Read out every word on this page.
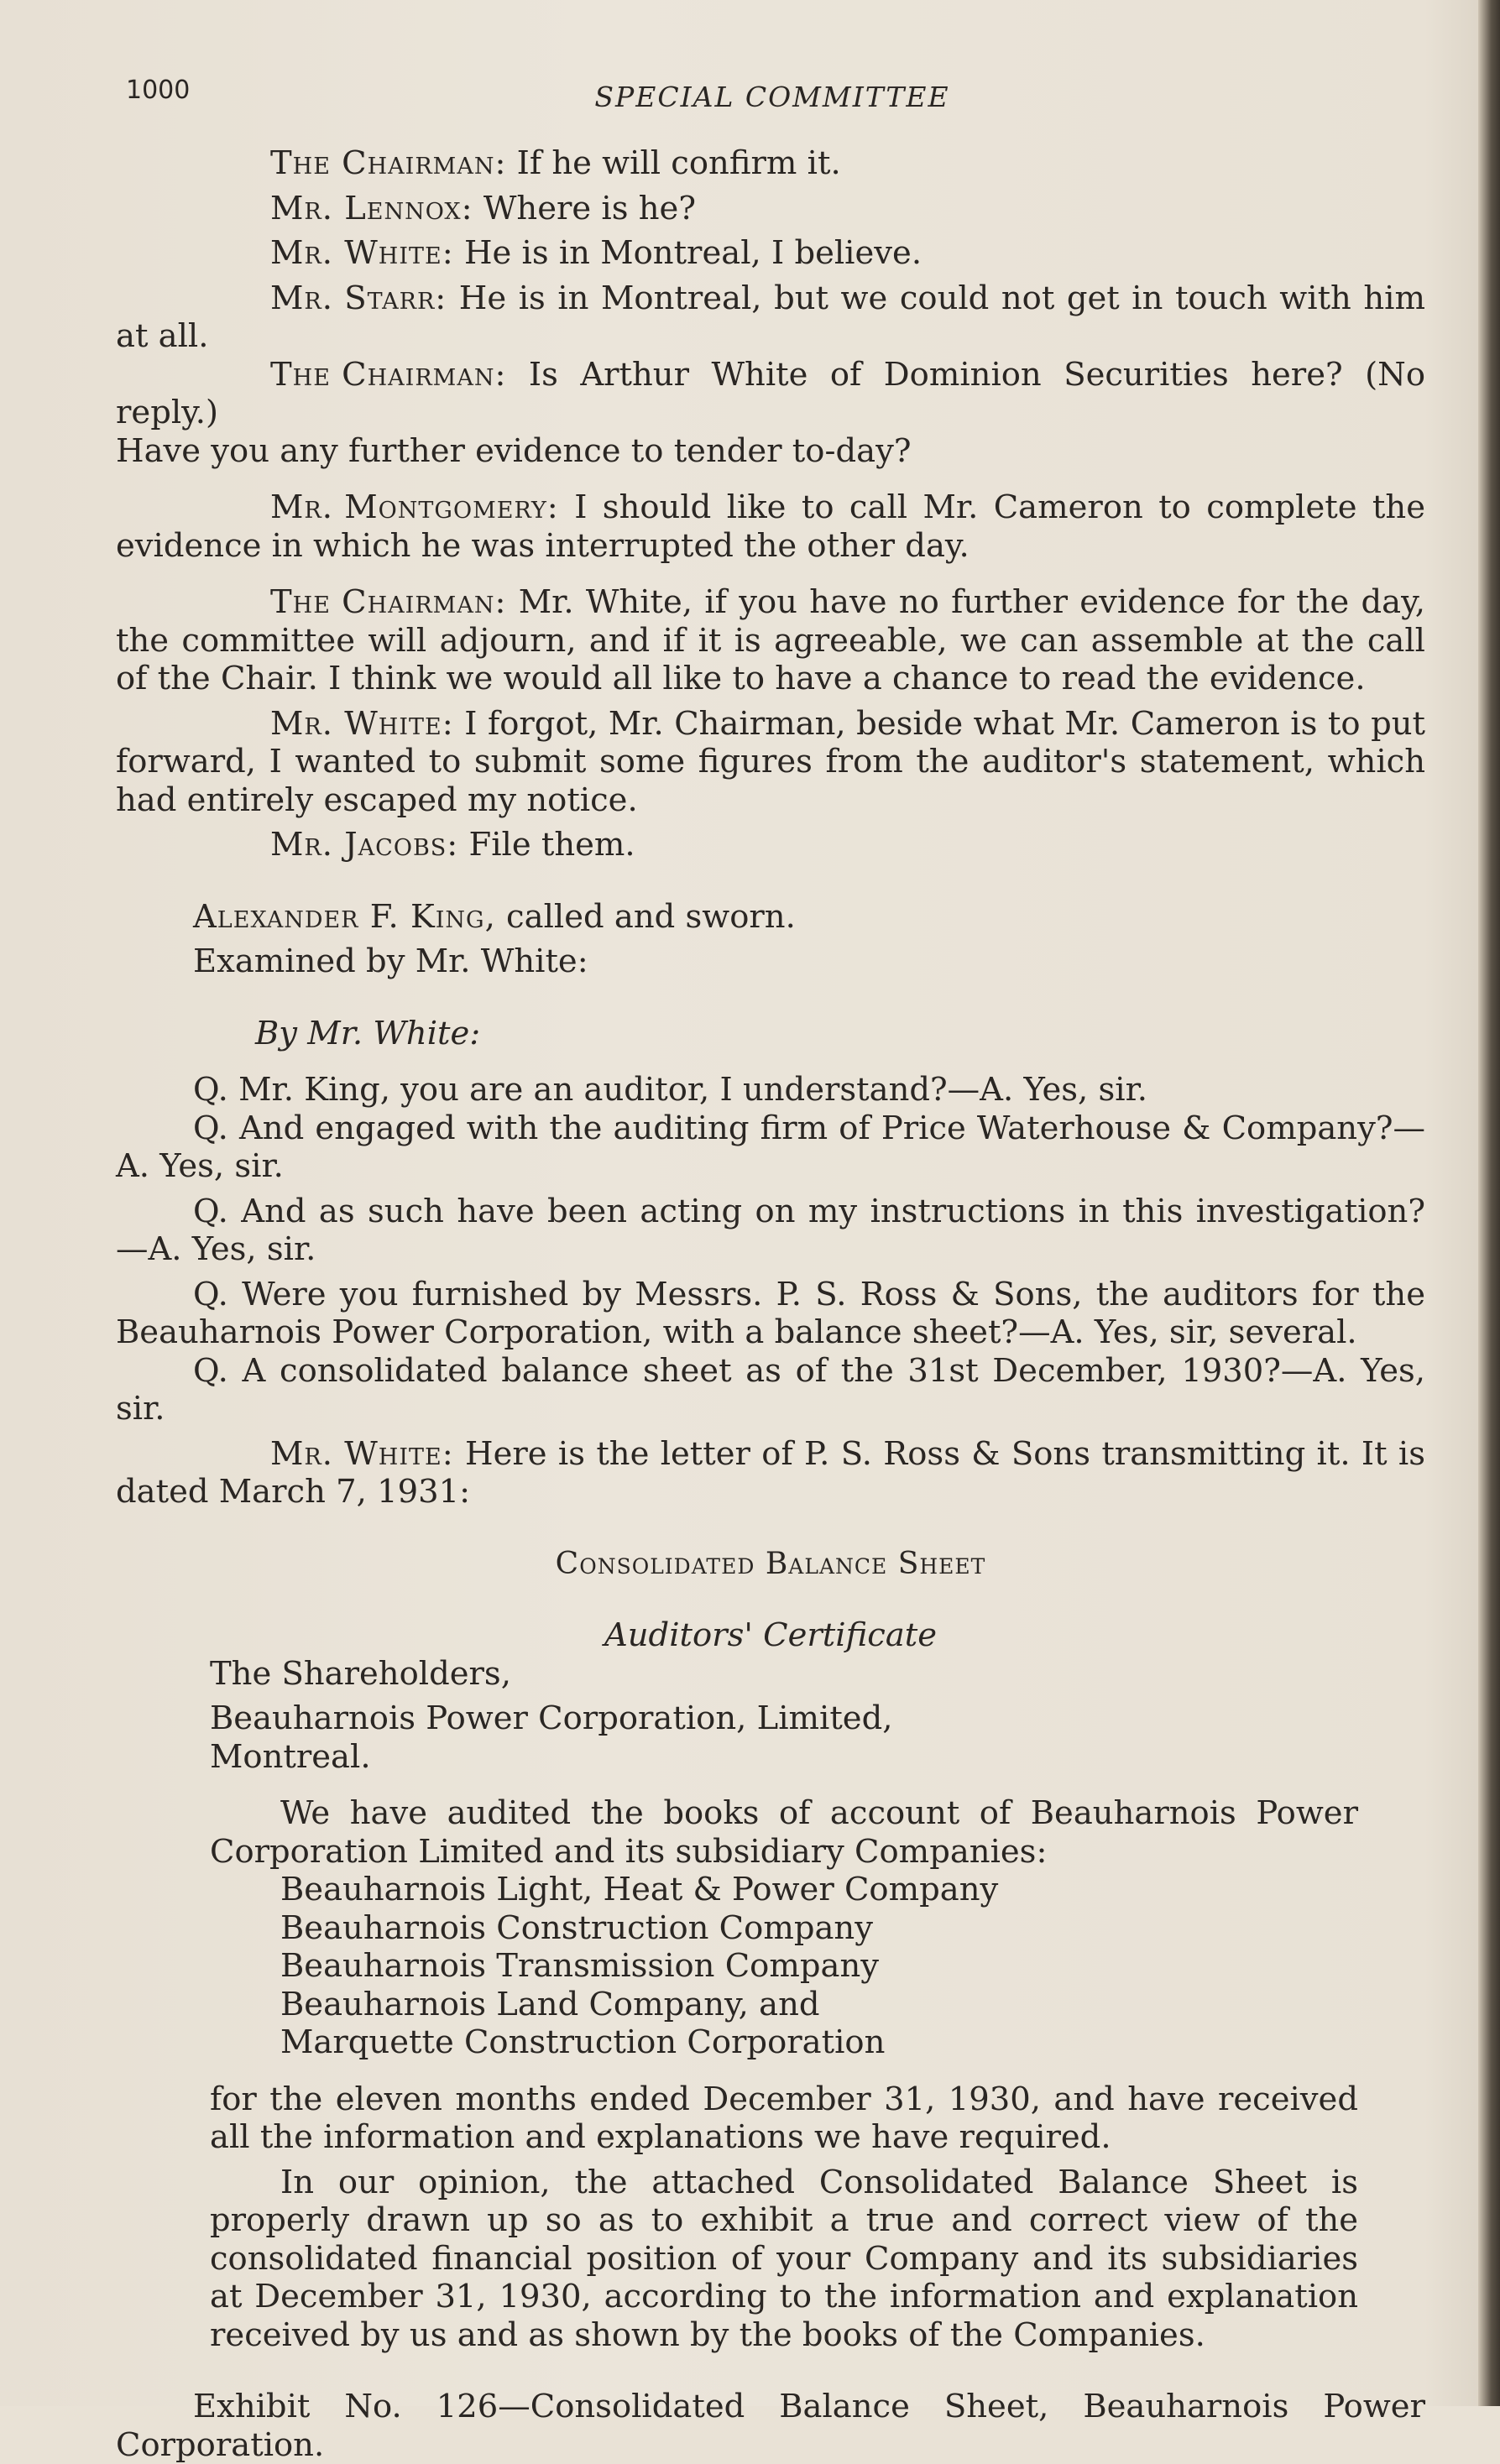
1000	SPECIAL COMMITTEE

The Chairman: If he will confirm it.

Mr. Lennox: Where is he?

Mr. White: He is in Montreal, I believe.

Mr. Starr: He is in Montreal, but we could not get in touch with him at all.

The Chairman: Is Arthur White of Dominion Securities here? (No reply.)
Have you any further evidence to tender to-day?

Mr. Montgomery: I should like to call Mr. Cameron to complete the evidence in which he was interrupted the other day.

The Chairman: Mr. White, if you have no further evidence for the day, the committee will adjourn, and if it is agreeable, we can assemble at the call of the Chair. I think we would all like to have a chance to read the evidence.

Mr. White: I forgot, Mr. Chairman, beside what Mr. Cameron is to put forward, I wanted to submit some figures from the auditor's statement, which had entirely escaped my notice.

Mr. Jacobs: File them.

Alexander F. King, called and sworn.

Examined by Mr. White:

By Mr. White:

Q. Mr. King, you are an auditor, I understand?—A. Yes, sir.

Q. And engaged with the auditing firm of Price Waterhouse & Company?—A. Yes, sir.

Q. And as such have been acting on my instructions in this investigation?—A. Yes, sir.

Q. Were you furnished by Messrs. P. S. Ross & Sons, the auditors for the Beauharnois Power Corporation, with a balance sheet?—A. Yes, sir, several.

Q. A consolidated balance sheet as of the 31st December, 1930?—A. Yes, sir.

Mr. White: Here is the letter of P. S. Ross & Sons transmitting it. It is dated March 7, 1931:

Consolidated Balance Sheet

Auditors' Certificate

The Shareholders,

Beauharnois Power Corporation, Limited,

Montreal.

We have audited the books of account of Beauharnois Power Corporation Limited and its subsidiary Companies:

Beauharnois Light, Heat & Power Company

Beauharnois Construction Company

Beauharnois Transmission Company

Beauharnois Land Company, and

Marquette Construction Corporation

for the eleven months ended December 31, 1930, and have received all the information and explanations we have required.

In our opinion, the attached Consolidated Balance Sheet is properly drawn up so as to exhibit a true and correct view of the consolidated financial position of your Company and its subsidiaries at December 31, 1930, according to the information and explanation received by us and as shown by the books of the Companies.

Exhibit No. 126—Consolidated Balance Sheet, Beauharnois Power Corporation.
